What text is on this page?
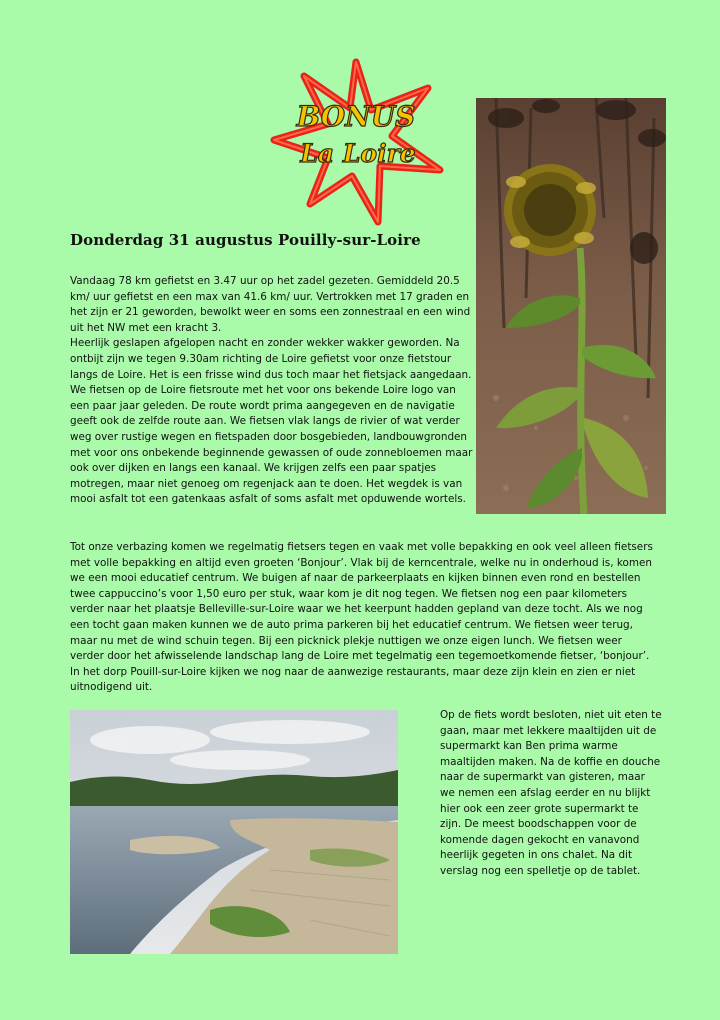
BONUS
La Loire
Donderdag 31 augustus Pouilly-sur-Loire

Vandaag 78 km gefietst en 3.47 uur op het zadel gezeten. Gemiddeld 20.5 km/ uur gefietst en een max van 41.6 km/ uur. Vertrokken met 17 graden en het zijn er 21 geworden, bewolkt weer en soms een zonnestraal en een wind uit het NW met een kracht 3.
Heerlijk geslapen afgelopen nacht en zonder wekker wakker geworden. Na ontbijt zijn we tegen 9.30am richting de Loire gefietst voor onze fietstour langs de Loire. Het is een frisse wind dus toch maar het fietsjack aangedaan. We fietsen op de Loire fietsroute met het voor ons bekende Loire logo van een paar jaar geleden. De route wordt prima aangegeven en de navigatie geeft ook de zelfde route aan. We fietsen vlak langs de rivier of wat verder weg over rustige wegen en fietspaden door bosgebieden, landbouwgronden met voor ons onbekende beginnende gewassen of oude zonnebloemen maar ook over dijken en langs een kanaal. We krijgen zelfs een paar spatjes motregen, maar niet genoeg om regenjack aan te doen. Het wegdek is van mooi asfalt tot een gatenkaas asfalt of soms asfalt met opduwende wortels.

Tot onze verbazing komen we regelmatig fietsers tegen en vaak met volle bepakking en ook veel alleen fietsers met volle bepakking en altijd even groeten ‘Bonjour’. Vlak bij de kerncentrale, welke nu in onderhoud is, komen we een mooi educatief centrum. We buigen af naar de parkeerplaats en kijken binnen even rond en bestellen twee cappuccino’s voor 1,50 euro per stuk, waar kom je dit nog tegen. We fietsen nog een paar kilometers verder naar het plaatsje Belleville-sur-Loire waar we het keerpunt hadden gepland van deze tocht. Als we nog een tocht gaan maken kunnen we de auto prima parkeren bij het educatief centrum. We fietsen weer terug, maar nu met de wind schuin tegen. Bij een picknick plekje nuttigen we onze eigen lunch. We fietsen weer verder door het afwisselende landschap lang de Loire met tegelmatig een tegemoetkomende fietser, ‘bonjour’. In het dorp Pouill-sur-Loire kijken we nog naar de aanwezige restaurants, maar deze zijn klein en zien er niet uitnodigend uit.

Op de fiets wordt besloten, niet uit eten te gaan, maar met lekkere maaltijden uit de supermarkt kan Ben prima warme maaltijden maken. Na de koffie en douche naar de supermarkt van gisteren, maar we nemen een afslag eerder en nu blijkt hier ook een zeer grote supermarkt te zijn. De meest boodschappen voor de komende dagen gekocht en vanavond heerlijk gegeten in ons chalet. Na dit verslag nog een spelletje op de tablet.
